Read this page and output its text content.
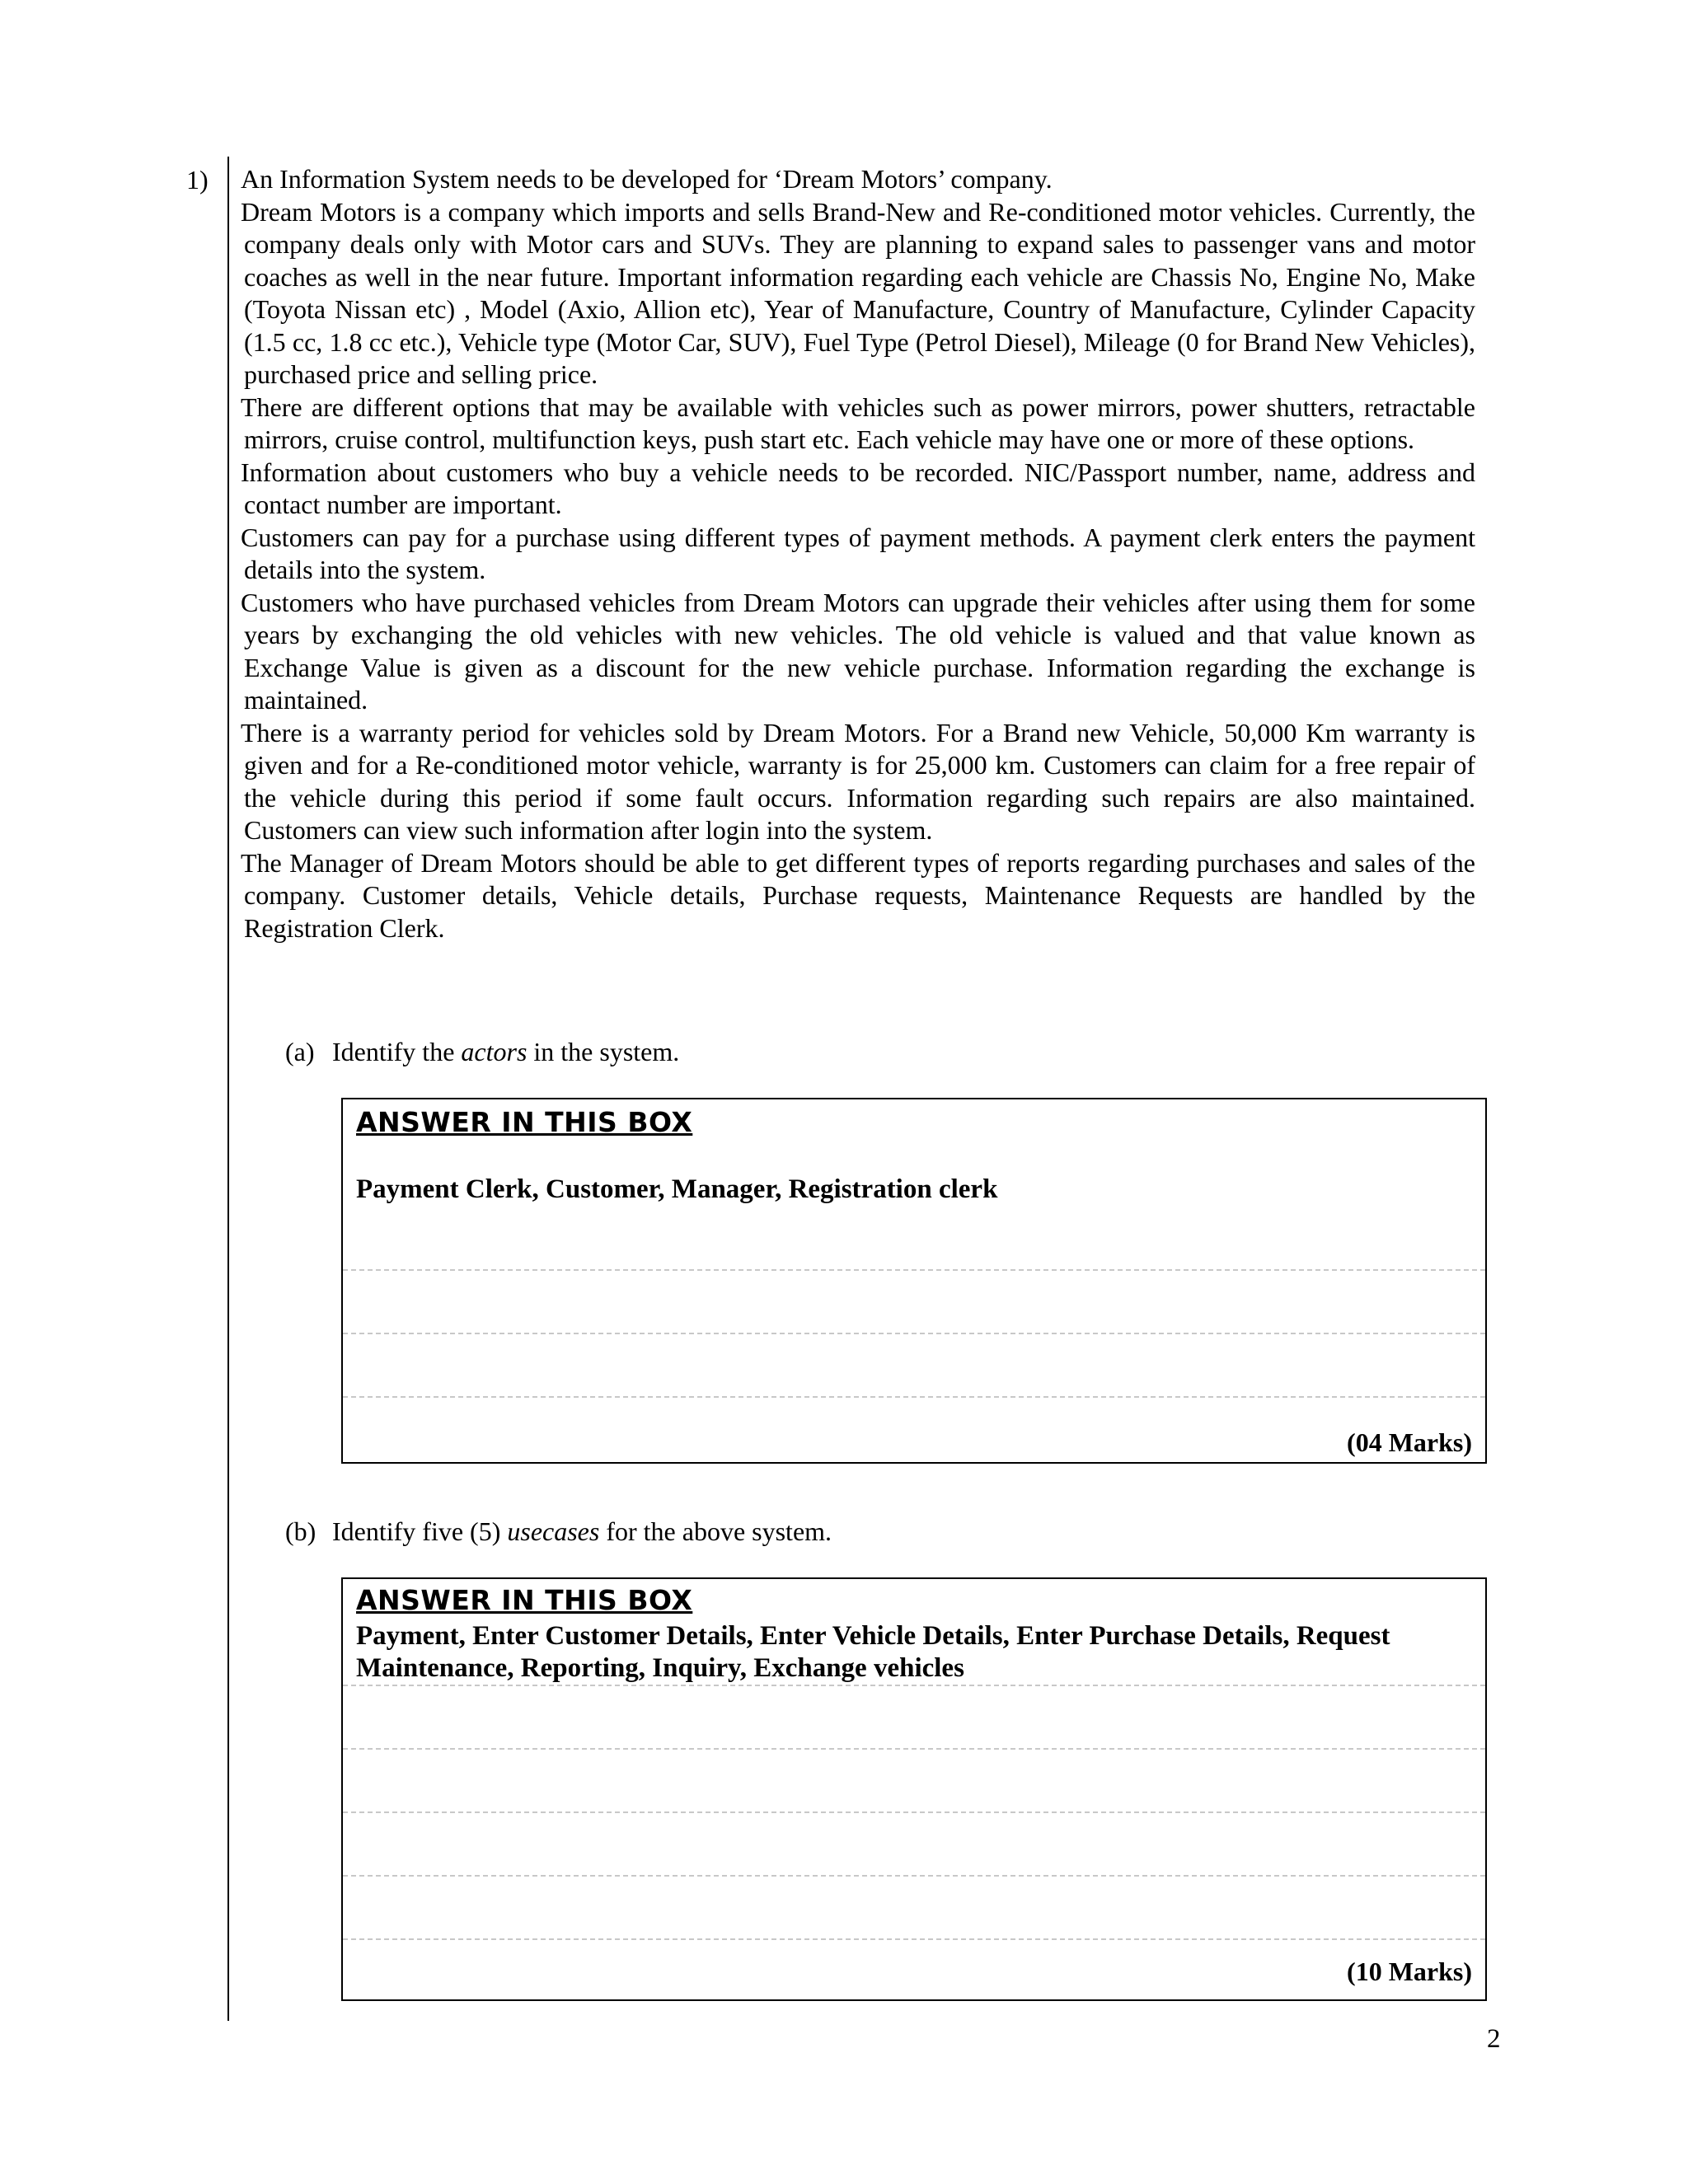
1) An Information System needs to be developed for ‘Dream Motors’ company.

Dream Motors is a company which imports and sells Brand-New and Re-conditioned motor vehicles. Currently, the company deals only with Motor cars and SUVs. They are planning to expand sales to passenger vans and motor coaches as well in the near future. Important information regarding each vehicle are Chassis No, Engine No, Make (Toyota Nissan etc) , Model (Axio, Allion etc), Year of Manufacture, Country of Manufacture, Cylinder Capacity (1.5 cc, 1.8 cc etc.), Vehicle type (Motor Car, SUV), Fuel Type (Petrol Diesel), Mileage (0 for Brand New Vehicles), purchased price and selling price.

There are different options that may be available with vehicles such as power mirrors, power shutters, retractable mirrors, cruise control, multifunction keys, push start etc. Each vehicle may have one or more of these options.

Information about customers who buy a vehicle needs to be recorded. NIC/Passport number, name, address and contact number are important.

Customers can pay for a purchase using different types of payment methods. A payment clerk enters the payment details into the system.

Customers who have purchased vehicles from Dream Motors can upgrade their vehicles after using them for some years by exchanging the old vehicles with new vehicles. The old vehicle is valued and that value known as Exchange Value is given as a discount for the new vehicle purchase. Information regarding the exchange is maintained.

There is a warranty period for vehicles sold by Dream Motors. For a Brand new Vehicle, 50,000 Km warranty is given and for a Re-conditioned motor vehicle, warranty is for 25,000 km. Customers can claim for a free repair of the vehicle during this period if some fault occurs. Information regarding such repairs are also maintained. Customers can view such information after login into the system.

The Manager of Dream Motors should be able to get different types of reports regarding purchases and sales of the company. Customer details, Vehicle details, Purchase requests, Maintenance Requests are handled by the Registration Clerk.

(a) Identify the actors in the system.
ANSWER IN THIS BOX
Payment Clerk, Customer, Manager, Registration clerk
(04 Marks)
(b) Identify five (5) usecases for the above system.
ANSWER IN THIS BOX
Payment, Enter Customer Details, Enter Vehicle Details, Enter Purchase Details, Request Maintenance, Reporting, Inquiry, Exchange vehicles
(10 Marks)
2
